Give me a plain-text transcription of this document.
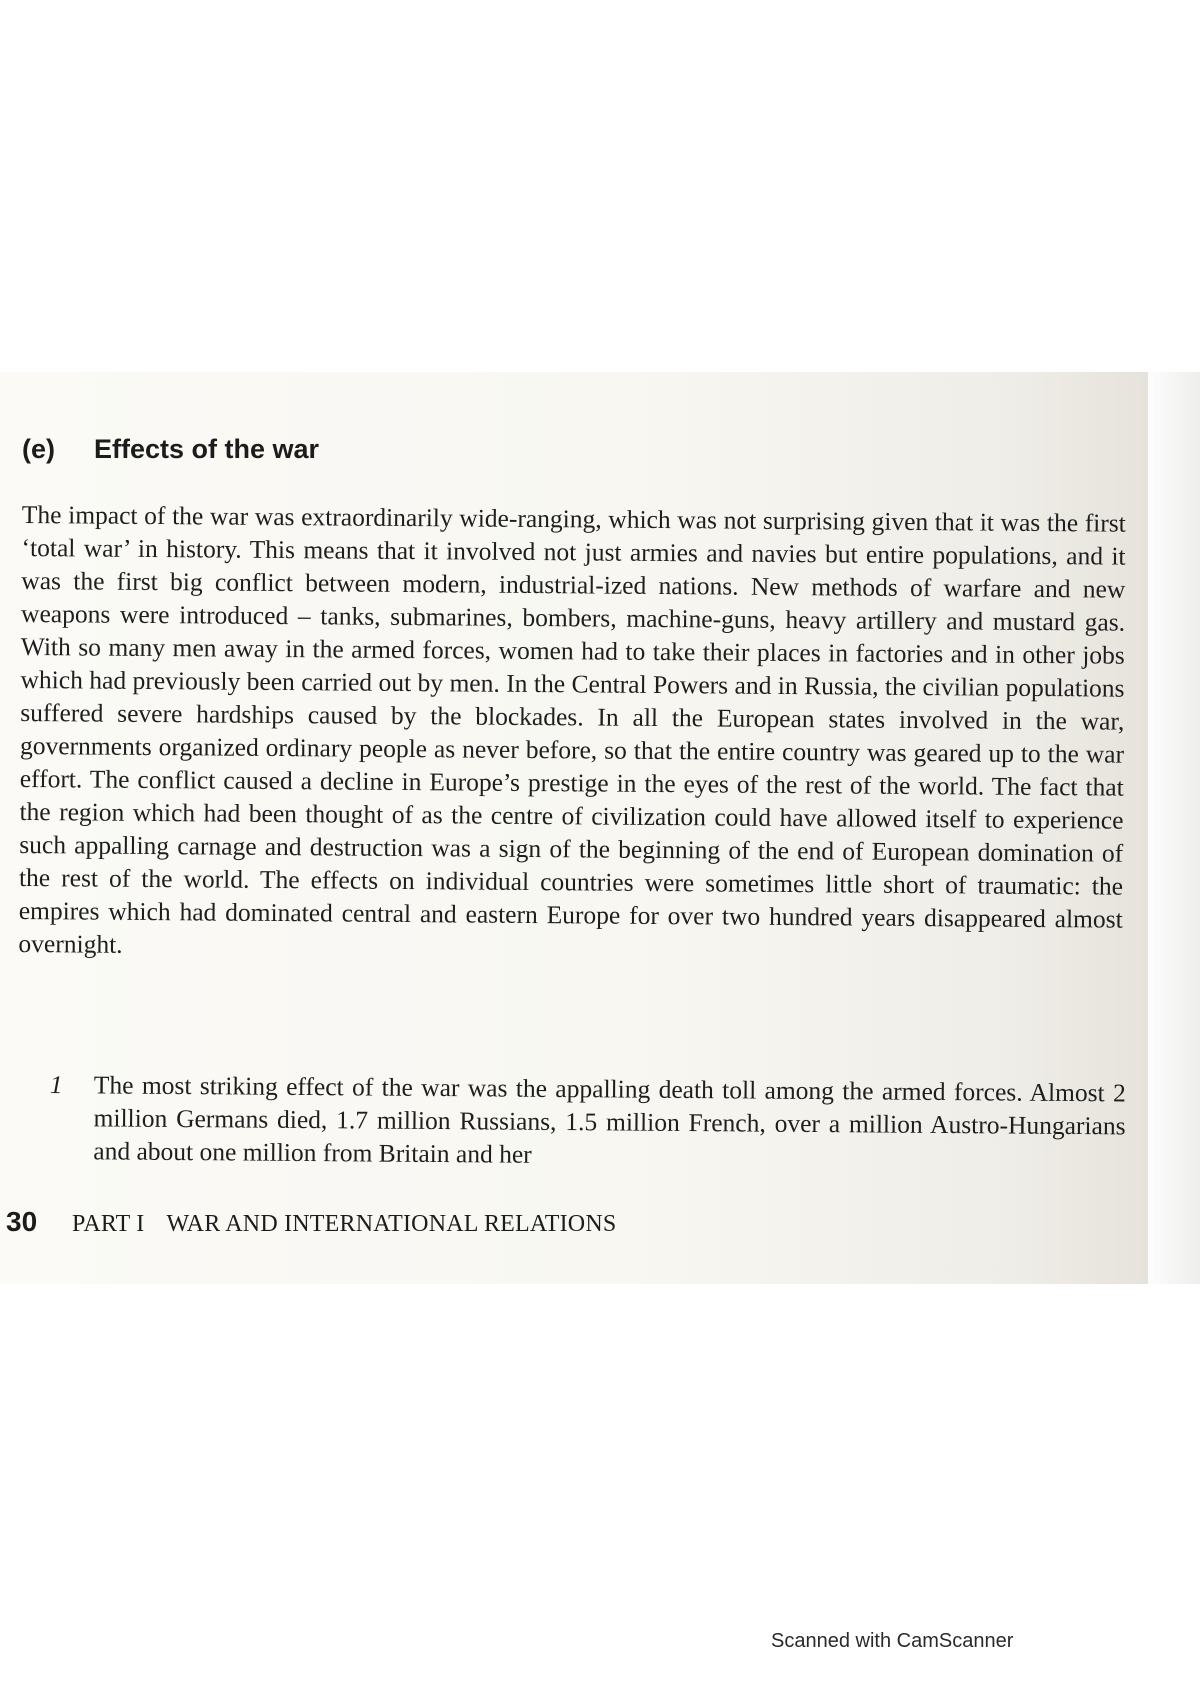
(e) Effects of the war

The impact of the war was extraordinarily wide-ranging, which was not surprising given that it was the first ‘total war’ in history. This means that it involved not just armies and navies but entire populations, and it was the first big conflict between modern, industrial-ized nations. New methods of warfare and new weapons were introduced – tanks, submarines, bombers, machine-guns, heavy artillery and mustard gas. With so many men away in the armed forces, women had to take their places in factories and in other jobs which had previously been carried out by men. In the Central Powers and in Russia, the civilian populations suffered severe hardships caused by the blockades. In all the European states involved in the war, governments organized ordinary people as never before, so that the entire country was geared up to the war effort. The conflict caused a decline in Europe’s prestige in the eyes of the rest of the world. The fact that the region which had been thought of as the centre of civilization could have allowed itself to experience such appalling carnage and destruction was a sign of the beginning of the end of European domination of the rest of the world. The effects on individual countries were sometimes little short of traumatic: the empires which had dominated central and eastern Europe for over two hundred years disappeared almost overnight.

1 The most striking effect of the war was the appalling death toll among the armed forces. Almost 2 million Germans died, 1.7 million Russians, 1.5 million French, over a million Austro-Hungarians and about one million from Britain and her

30 PART I WAR AND INTERNATIONAL RELATIONS
Scanned with CamScanner
